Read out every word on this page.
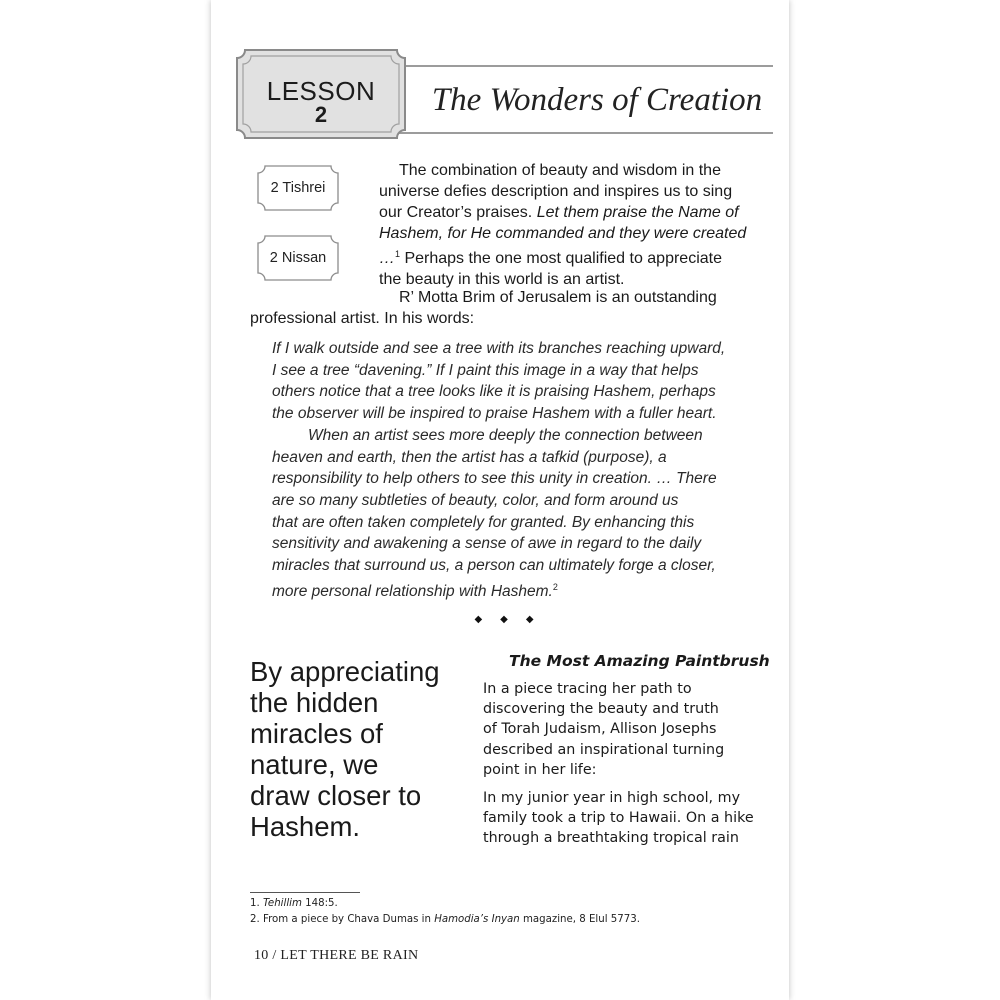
LESSON
2	The Wonders of Creation
2 Tishrei
2 Nissan
The combination of beauty and wisdom in the
universe defies description and inspires us to sing
our Creator’s praises. Let them praise the Name of
Hashem, for He commanded and they were created
…$^1$ Perhaps the one most qualified to appreciate
the beauty in this world is an artist.
R’ Motta Brim of Jerusalem is an outstanding
professional artist. In his words:
If I walk outside and see a tree with its branches reaching upward,
I see a tree “davening.” If I paint this image in a way that helps
others notice that a tree looks like it is praising Hashem, perhaps
the observer will be inspired to praise Hashem with a fuller heart.
When an artist sees more deeply the connection between
heaven and earth, then the artist has a tafkid (purpose), a
responsibility to help others to see this unity in creation. … There
are so many subtleties of beauty, color, and form around us
that are often taken completely for granted. By enhancing this
sensitivity and awakening a sense of awe in regard to the daily
miracles that surround us, a person can ultimately forge a closer,
more personal relationship with Hashem.$^2$
◆◆◆
By appreciating
the hidden
miracles of
nature, we
draw closer to
Hashem.
The Most Amazing Paintbrush
In a piece tracing her path to
discovering the beauty and truth
of Torah Judaism, Allison Josephs
described an inspirational turning
point in her life:
In my junior year in high school, my
family took a trip to Hawaii. On a hike
through a breathtaking tropical rain
1. Tehillim 148:5.
2. From a piece by Chava Dumas in Hamodia’s Inyan magazine, 8 Elul 5773.
10 / LET THERE BE RAIN
